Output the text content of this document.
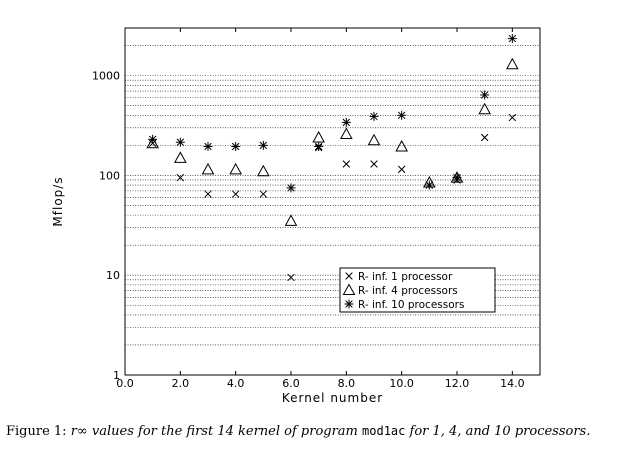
0.0	2.0	4.0	6.0	8.0	10.0	12.0	14.0
1
10
100
1000
Kernel number
Mflop/s
R- inf. 1 processor
R- inf. 4 processors
R- inf. 10 processors
Figure 1: r∞ values for the first 14 kernel of program mod1ac for 1, 4, and 10 processors.
